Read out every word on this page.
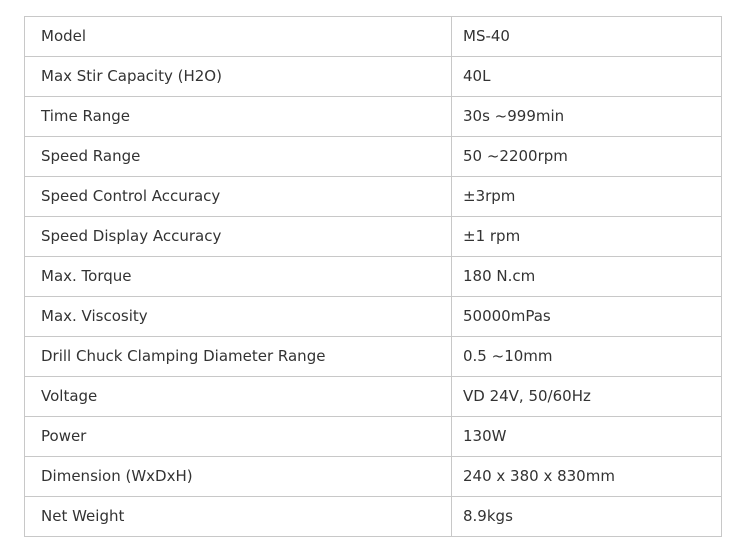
Model	MS-40
Max Stir Capacity (H2O)	40L
Time Range	30s ~999min
Speed Range	50 ~2200rpm
Speed Control Accuracy	±3rpm
Speed Display Accuracy	±1 rpm
Max. Torque	180 N.cm
Max. Viscosity	50000mPas
Drill Chuck Clamping Diameter Range	0.5 ~10mm
Voltage	VD 24V, 50/60Hz
Power	130W
Dimension (WxDxH)	240 x 380 x 830mm
Net Weight	8.9kgs
